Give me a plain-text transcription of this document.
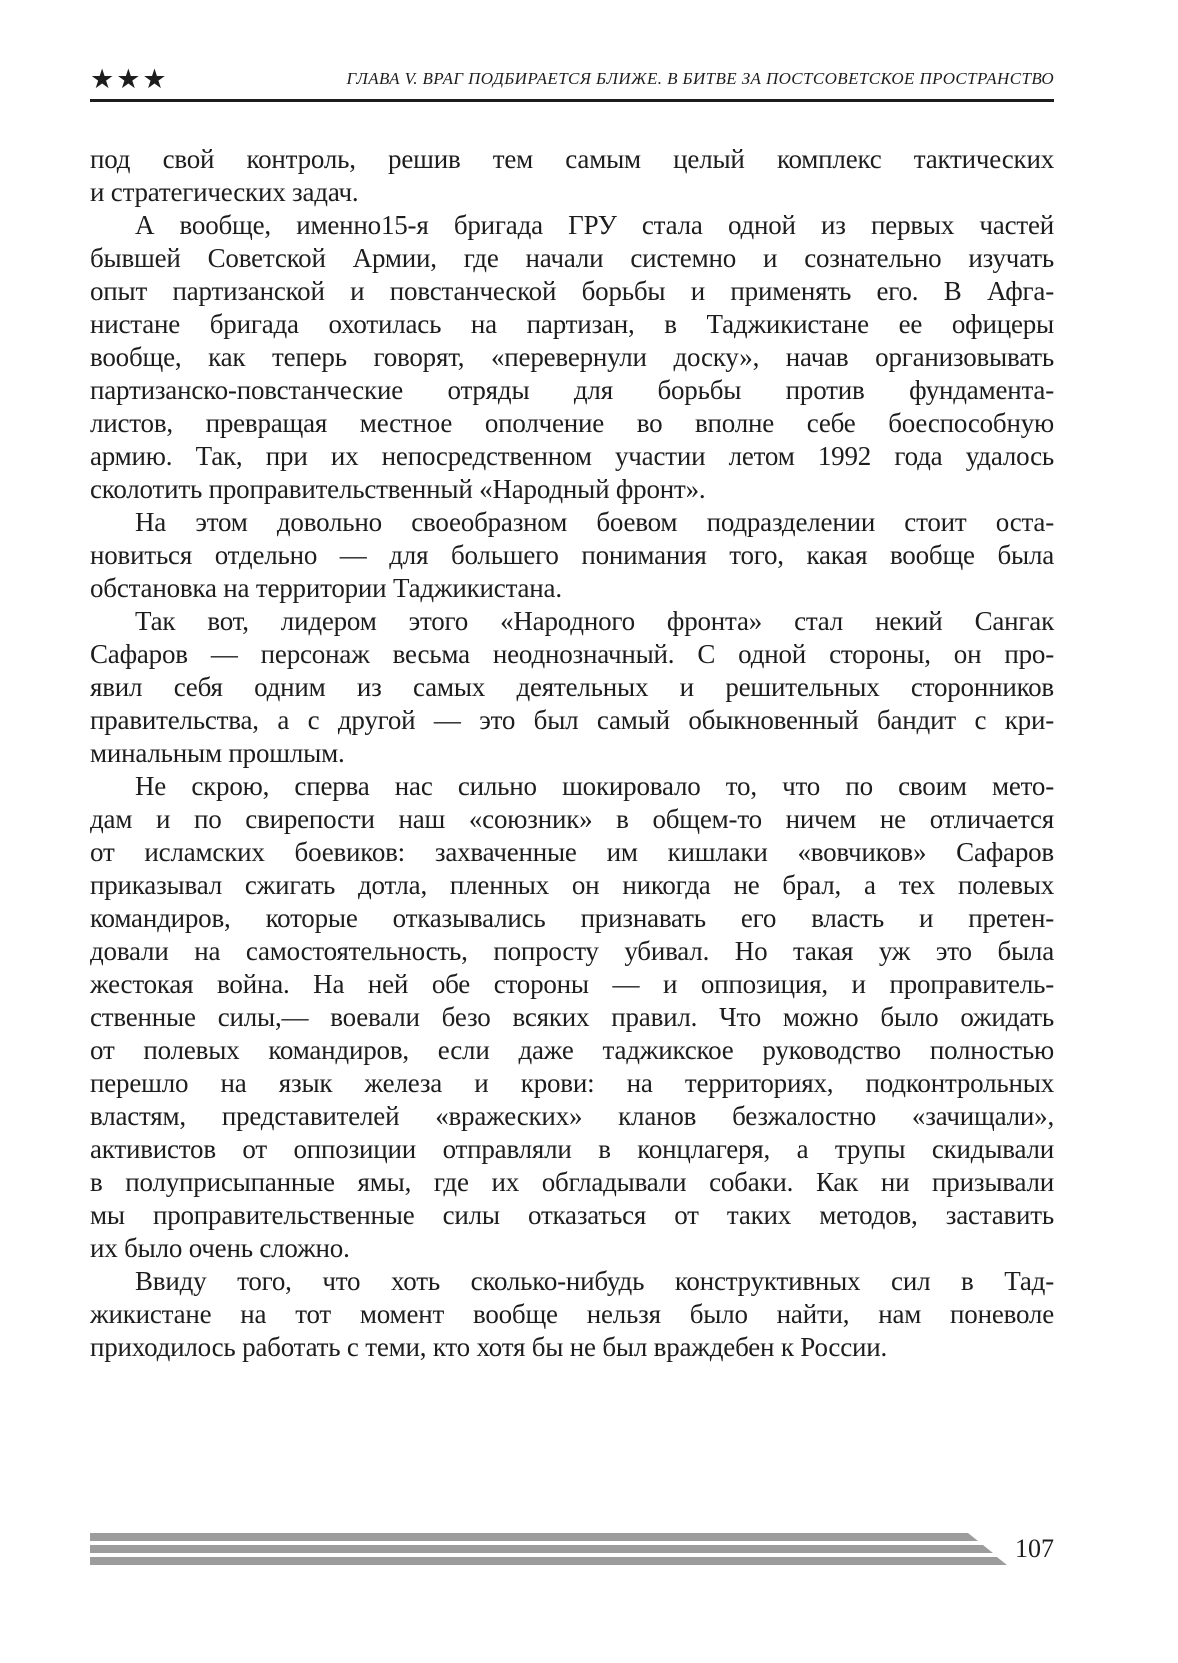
★★★	ГЛАВА V. ВРАГ ПОДБИРАЕТСЯ БЛИЖЕ. В БИТВЕ ЗА ПОСТСОВЕТСКОЕ ПРОСТРАНСТВО
под свой контроль, решив тем самым целый комплекс тактических
и стратегических задач.
А вообще, именно15-я бригада ГРУ стала одной из первых частей
бывшей Советской Армии, где начали системно и сознательно изучать
опыт партизанской и повстанческой борьбы и применять его. В Афга-
нистане бригада охотилась на партизан, в Таджикистане ее офицеры
вообще, как теперь говорят, «перевернули доску», начав организовывать
партизанско-повстанческие отряды для борьбы против фундамента-
листов, превращая местное ополчение во вполне себе боеспособную
армию. Так, при их непосредственном участии летом 1992 года удалось
сколотить проправительственный «Народный фронт».
На этом довольно своеобразном боевом подразделении стоит оста-
новиться отдельно — для большего понимания того, какая вообще была
обстановка на территории Таджикистана.
Так вот, лидером этого «Народного фронта» стал некий Сангак
Сафаров — персонаж весьма неоднозначный. С одной стороны, он про-
явил себя одним из самых деятельных и решительных сторонников
правительства, а с другой — это был самый обыкновенный бандит с кри-
минальным прошлым.
Не скрою, сперва нас сильно шокировало то, что по своим мето-
дам и по свирепости наш «союзник» в общем-то ничем не отличается
от исламских боевиков: захваченные им кишлаки «вовчиков» Сафаров
приказывал сжигать дотла, пленных он никогда не брал, а тех полевых
командиров, которые отказывались признавать его власть и претен-
довали на самостоятельность, попросту убивал. Но такая уж это была
жестокая война. На ней обе стороны — и оппозиция, и проправитель-
ственные силы,— воевали безо всяких правил. Что можно было ожидать
от полевых командиров, если даже таджикское руководство полностью
перешло на язык железа и крови: на территориях, подконтрольных
властям, представителей «вражеских» кланов безжалостно «зачищали»,
активистов от оппозиции отправляли в концлагеря, а трупы скидывали
в полуприсыпанные ямы, где их обгладывали собаки. Как ни призывали
мы проправительственные силы отказаться от таких методов, заставить
их было очень сложно.
Ввиду того, что хоть сколько-нибудь конструктивных сил в Тад-
жикистане на тот момент вообще нельзя было найти, нам поневоле
приходилось работать с теми, кто хотя бы не был враждебен к России.
107
